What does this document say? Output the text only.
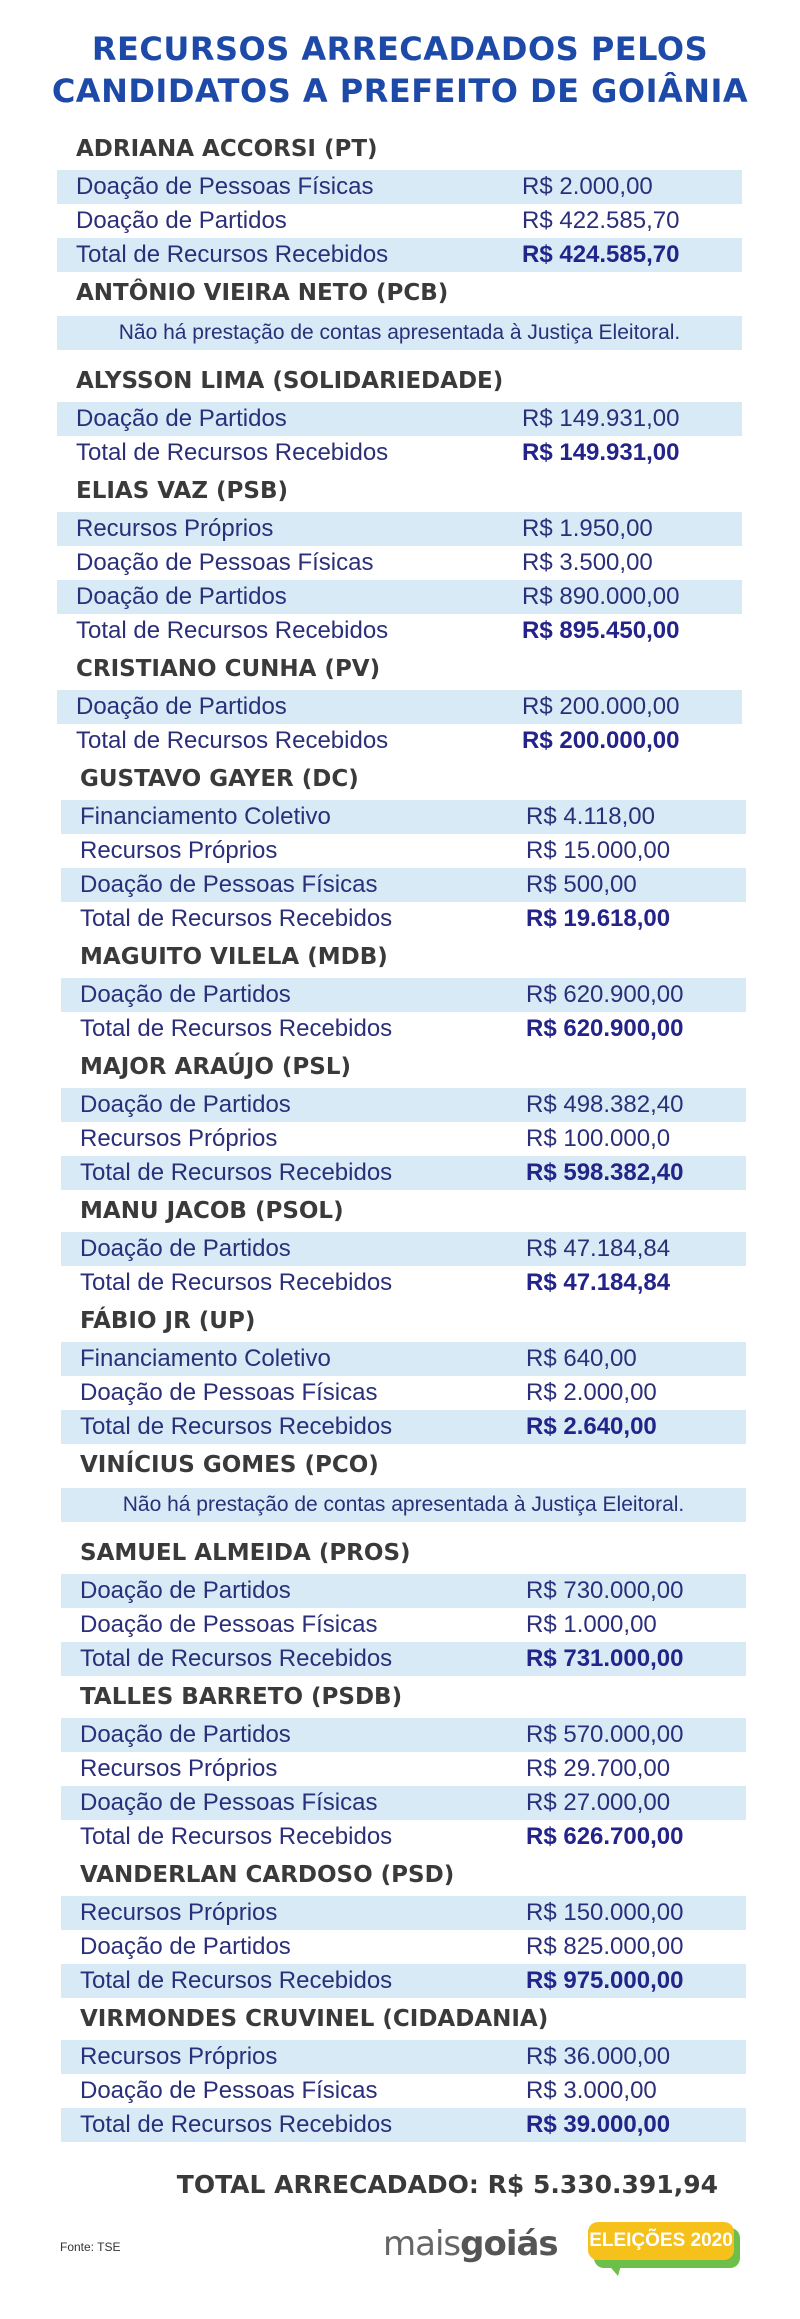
RECURSOS ARRECADADOS PELOS
CANDIDATOS A PREFEITO DE GOIÂNIA
ADRIANA ACCORSI (PT)
Doação de Pessoas Físicas	R$ 2.000,00
Doação de Partidos	R$ 422.585,70
Total de Recursos Recebidos	R$ 424.585,70
ANTÔNIO VIEIRA NETO (PCB)
Não há prestação de contas apresentada à Justiça Eleitoral.
ALYSSON LIMA (SOLIDARIEDADE)
Doação de Partidos	R$ 149.931,00
Total de Recursos Recebidos	R$ 149.931,00
ELIAS VAZ (PSB)
Recursos Próprios	R$ 1.950,00
Doação de Pessoas Físicas	R$ 3.500,00
Doação de Partidos	R$ 890.000,00
Total de Recursos Recebidos	R$ 895.450,00
CRISTIANO CUNHA (PV)
Doação de Partidos	R$ 200.000,00
Total de Recursos Recebidos	R$ 200.000,00
GUSTAVO GAYER (DC)
Financiamento Coletivo	R$ 4.118,00
Recursos Próprios	R$ 15.000,00
Doação de Pessoas Físicas	R$ 500,00
Total de Recursos Recebidos	R$ 19.618,00
MAGUITO VILELA (MDB)
Doação de Partidos	R$ 620.900,00
Total de Recursos Recebidos	R$ 620.900,00
MAJOR ARAÚJO (PSL)
Doação de Partidos	R$ 498.382,40
Recursos Próprios	R$ 100.000,0
Total de Recursos Recebidos	R$ 598.382,40
MANU JACOB (PSOL)
Doação de Partidos	R$ 47.184,84
Total de Recursos Recebidos	R$ 47.184,84
FÁBIO JR (UP)
Financiamento Coletivo	R$ 640,00
Doação de Pessoas Físicas	R$ 2.000,00
Total de Recursos Recebidos	R$ 2.640,00
VINÍCIUS GOMES (PCO)
Não há prestação de contas apresentada à Justiça Eleitoral.
SAMUEL ALMEIDA (PROS)
Doação de Partidos	R$ 730.000,00
Doação de Pessoas Físicas	R$ 1.000,00
Total de Recursos Recebidos	R$ 731.000,00
TALLES BARRETO (PSDB)
Doação de Partidos	R$ 570.000,00
Recursos Próprios	R$ 29.700,00
Doação de Pessoas Físicas	R$ 27.000,00
Total de Recursos Recebidos	R$ 626.700,00
VANDERLAN CARDOSO (PSD)
Recursos Próprios	R$ 150.000,00
Doação de Partidos	R$ 825.000,00
Total de Recursos Recebidos	R$ 975.000,00
VIRMONDES CRUVINEL (CIDADANIA)
Recursos Próprios	R$ 36.000,00
Doação de Pessoas Físicas	R$ 3.000,00
Total de Recursos Recebidos	R$ 39.000,00
TOTAL ARRECADADO: R$ 5.330.391,94
Fonte: TSE	maisgoiás ELEIÇÕES 2020
